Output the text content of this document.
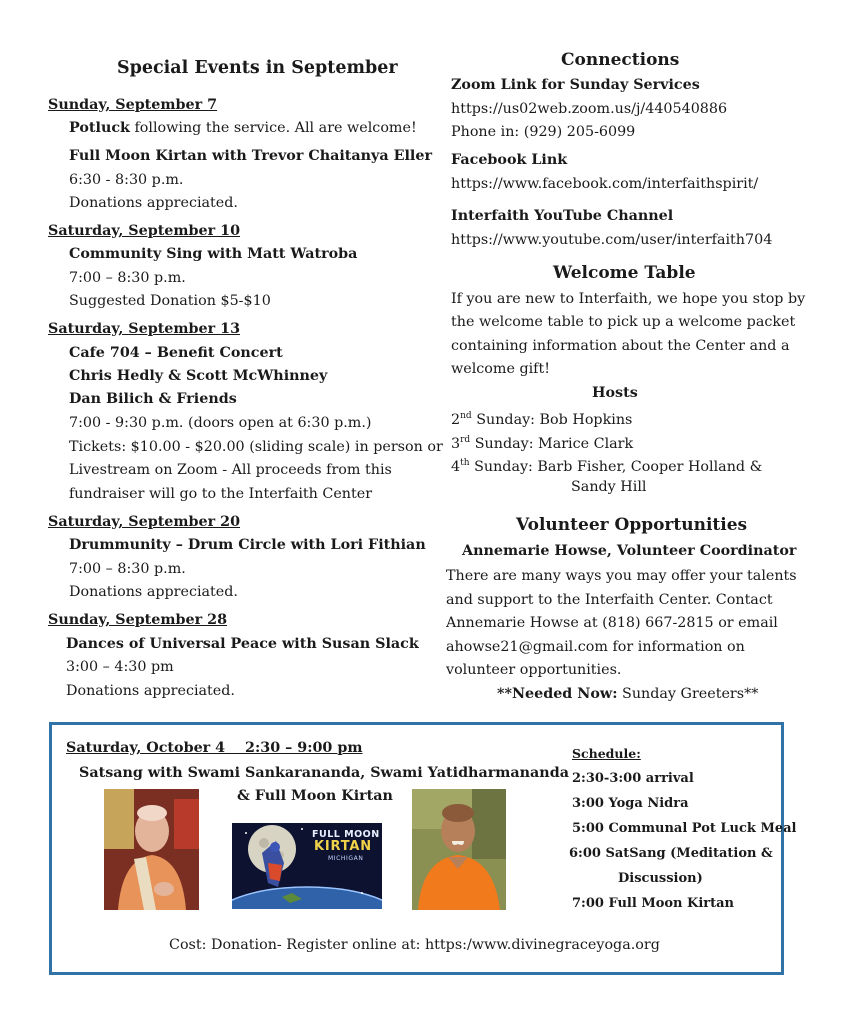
Special Events in September
Sunday, September 7
Potluck following the service. All are welcome!
Full Moon Kirtan with Trevor Chaitanya Eller
6:30 - 8:30 p.m.
Donations appreciated.
Saturday, September 10
Community Sing with Matt Watroba
7:00 – 8:30 p.m.
Suggested Donation $5-$10
Saturday, September 13
Cafe 704 – Benefit Concert
Chris Hedly & Scott McWhinney
Dan Bilich & Friends
7:00 - 9:30 p.m. (doors open at 6:30 p.m.)
Tickets: $10.00 - $20.00 (sliding scale) in person or
Livestream on Zoom - All proceeds from this
fundraiser will go to the Interfaith Center
Saturday, September 20
Drummunity – Drum Circle with Lori Fithian
7:00 – 8:30 p.m.
Donations appreciated.
Sunday, September 28
Dances of Universal Peace with Susan Slack
3:00 – 4:30 pm
Donations appreciated.
Connections
Zoom Link for Sunday Services
https://us02web.zoom.us/j/440540886
Phone in: (929) 205-6099
Facebook Link
https://www.facebook.com/interfaithspirit/
Interfaith YouTube Channel
https://www.youtube.com/user/interfaith704
Welcome Table
If you are new to Interfaith, we hope you stop by
the welcome table to pick up a welcome packet
containing information about the Center and a
welcome gift!
Hosts
2nd Sunday: Bob Hopkins
3rd Sunday: Marice Clark
4th Sunday: Barb Fisher, Cooper Holland &
Sandy Hill
Volunteer Opportunities
Annemarie Howse, Volunteer Coordinator
There are many ways you may offer your talents
and support to the Interfaith Center. Contact
Annemarie Howse at (818) 667-2815 or email
ahowse21@gmail.com for information on
volunteer opportunities.
**Needed Now: Sunday Greeters**
Saturday, October 4    2:30 – 9:00 pm
Satsang with Swami Sankarananda, Swami Yatidharmananda
& Full Moon Kirtan
FULL MOON
KIRTAN
MICHIGAN
Schedule:
2:30-3:00 arrival
3:00 Yoga Nidra
5:00 Communal Pot Luck Meal
6:00 SatSang (Meditation &
Discussion)
7:00 Full Moon Kirtan
Cost: Donation- Register online at: https:/www.divinegraceyoga.org
